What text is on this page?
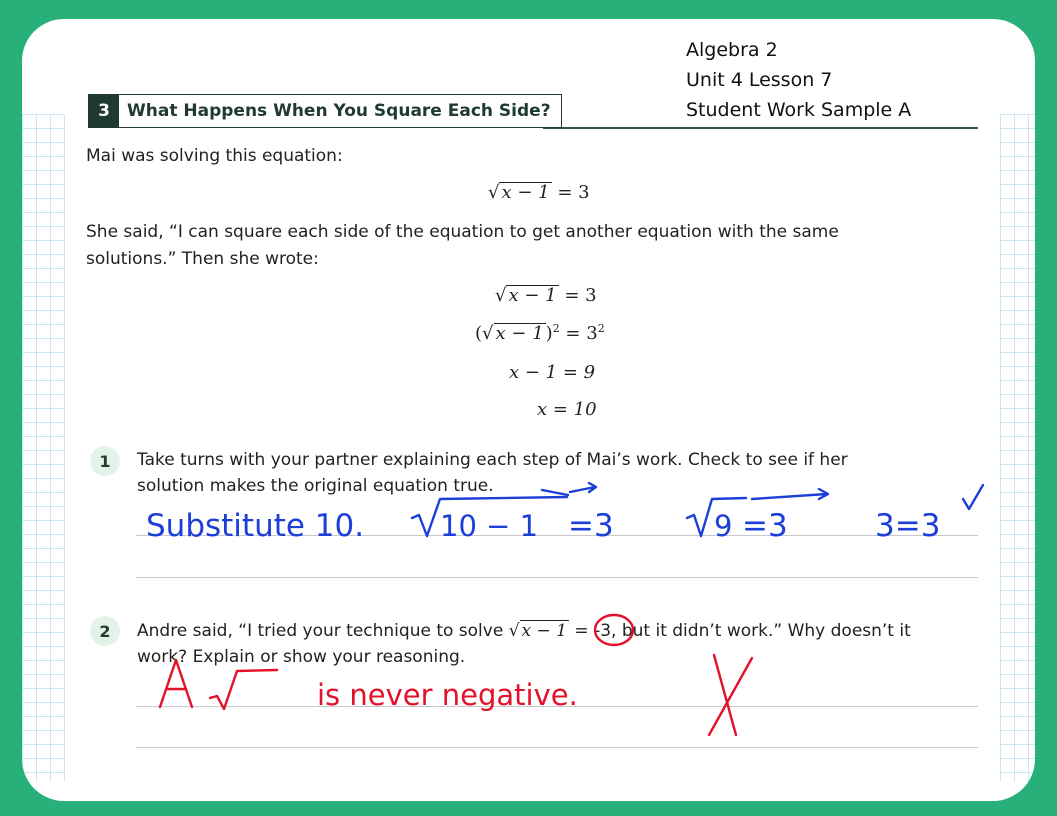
Algebra 2
Unit 4 Lesson 7
Student Work Sample A
3	What Happens When You Square Each Side?
Mai was solving this equation:
√ x − 1 = 3
She said, “I can square each side of the equation to get another equation with the same
solutions.” Then she wrote:
√ x − 1 = 3
(√ x − 1 )$^2 = 3^2$
x − 1 = 9
x = 10
1	Take turns with your partner explaining each step of Mai’s work. Check to see if her
solution makes the original equation true.
2	Andre said, “I tried your technique to solve √ x − 1 = -3, but it didn’t work.” Why doesn’t it
work? Explain or show your reasoning.
Substitute 10.	10 − 1 =3	9 =3	3=3
is never negative.
